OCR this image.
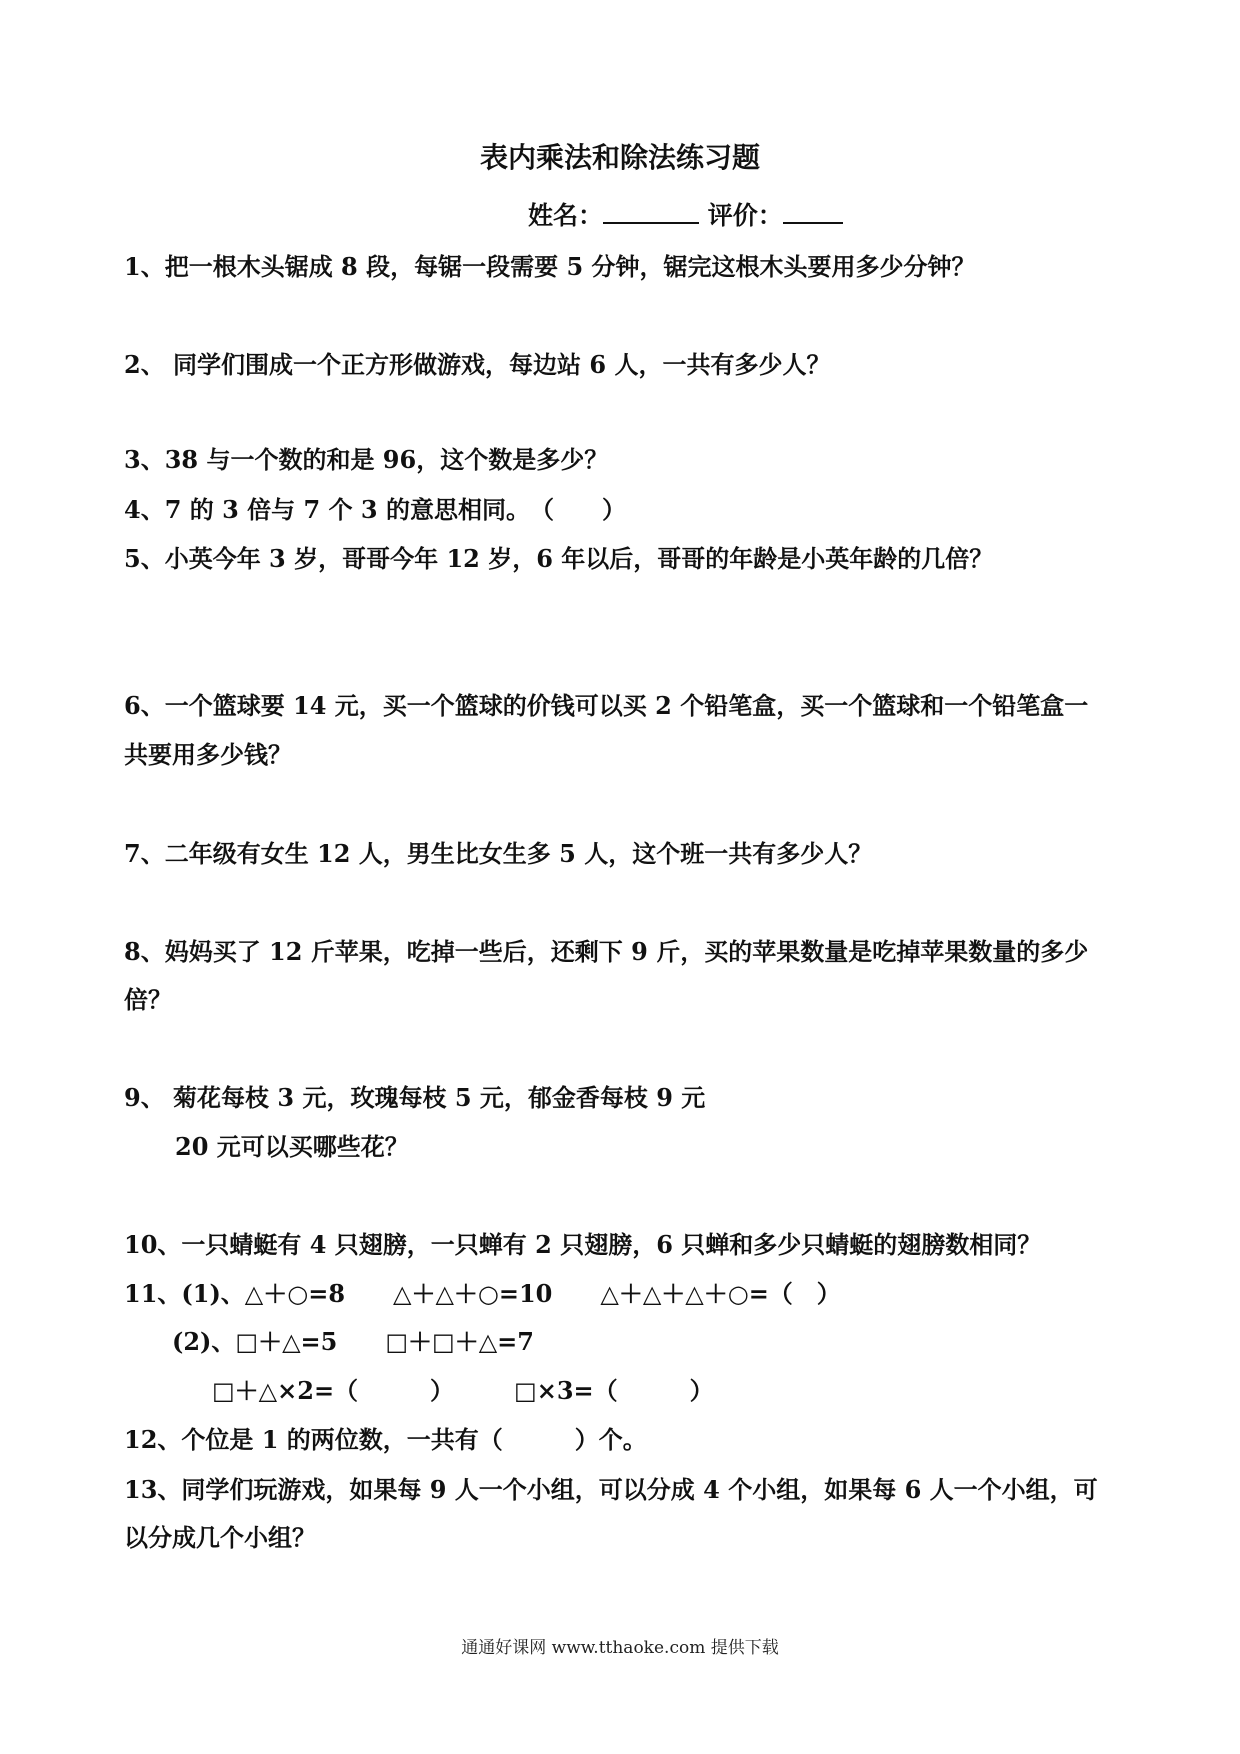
表内乘法和除法练习题
姓名：	评价：
1、把一根木头锯成 8 段，每锯一段需要 5 分钟，锯完这根木头要用多少分钟？
2、 同学们围成一个正方形做游戏，每边站 6 人，一共有多少人？
3、38 与一个数的和是 96，这个数是多少？
4、7 的 3 倍与 7 个 3 的意思相同。　（　　）
5、小英今年 3 岁，哥哥今年 12 岁，6 年以后，哥哥的年龄是小英年龄的几倍？
6、一个篮球要 14 元，买一个篮球的价钱可以买 2 个铅笔盒，买一个篮球和一个铅笔盒一
共要用多少钱？
7、二年级有女生 12 人，男生比女生多 5 人，这个班一共有多少人？
8、妈妈买了 12 斤苹果，吃掉一些后，还剩下 9 斤，买的苹果数量是吃掉苹果数量的多少
倍？
9、 菊花每枝 3 元，玫瑰每枝 5 元，郁金香每枝 9 元
20 元可以买哪些花？
10、一只蜻蜓有 4 只翅膀，一只蝉有 2 只翅膀，6 只蝉和多少只蜻蜓的翅膀数相同？
11、(1)、△＋○=8　　△＋△＋○=10　　△＋△＋△＋○=（　）
(2)、□＋△=5　　□＋□＋△=7
□＋△×2=（　　　）　　　□×3=（　　　）
12、个位是 1 的两位数，一共有（　　　）个。
13、同学们玩游戏，如果每 9 人一个小组，可以分成 4 个小组，如果每 6 人一个小组，可
以分成几个小组？
通通好课网 www.tthaoke.com 提供下载
